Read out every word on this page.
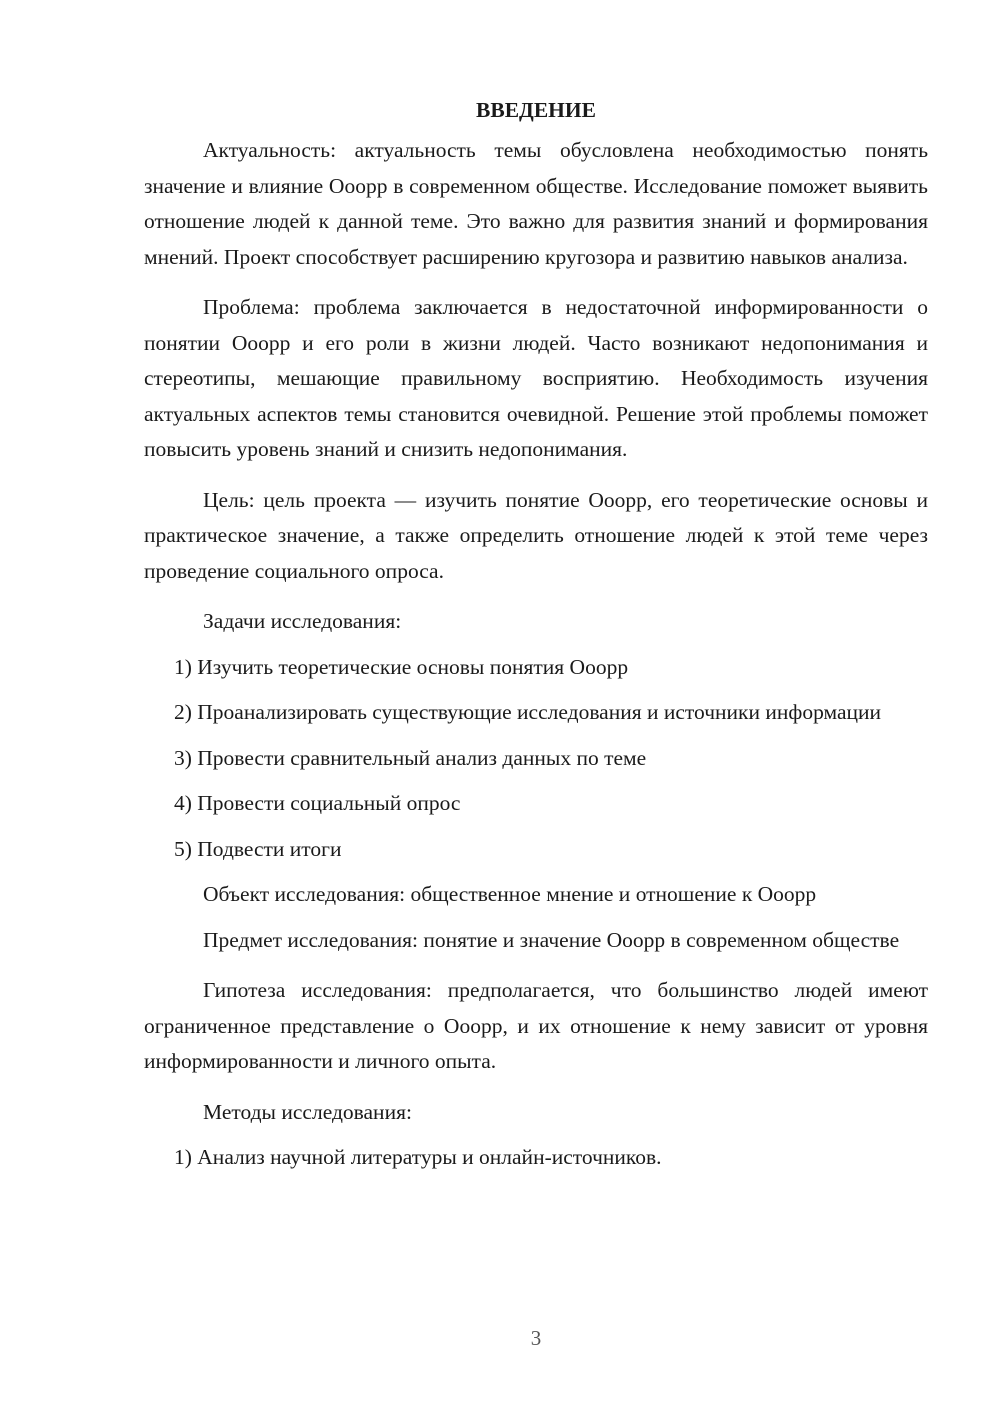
ВВЕДЕНИЕ

Актуальность: актуальность темы обусловлена необходимостью понять значение и влияние Оoорр в современном обществе. Исследование поможет выявить отношение людей к данной теме. Это важно для развития знаний и формирования мнений. Проект способствует расширению кругозора и развитию навыков анализа.

Проблема: проблема заключается в недостаточной информированности о понятии Оoорр и его роли в жизни людей. Часто возникают недопонимания и стереотипы, мешающие правильному восприятию. Необходимость изучения актуальных аспектов темы становится очевидной. Решение этой проблемы поможет повысить уровень знаний и снизить недопонимания.

Цель: цель проекта — изучить понятие Оoорр, его теоретические основы и практическое значение, а также определить отношение людей к этой теме через проведение социального опроса.

Задачи исследования:

1) Изучить теоретические основы понятия Оoорр

2) Проанализировать существующие исследования и источники информации

3) Провести сравнительный анализ данных по теме

4) Провести социальный опрос

5) Подвести итоги

Объект исследования: общественное мнение и отношение к Оoорр

Предмет исследования: понятие и значение Оoорр в современном обществе

Гипотеза исследования: предполагается, что большинство людей имеют ограниченное представление о Оoорр, и их отношение к нему зависит от уровня информированности и личного опыта.

Методы исследования:

1) Анализ научной литературы и онлайн-источников.

3
